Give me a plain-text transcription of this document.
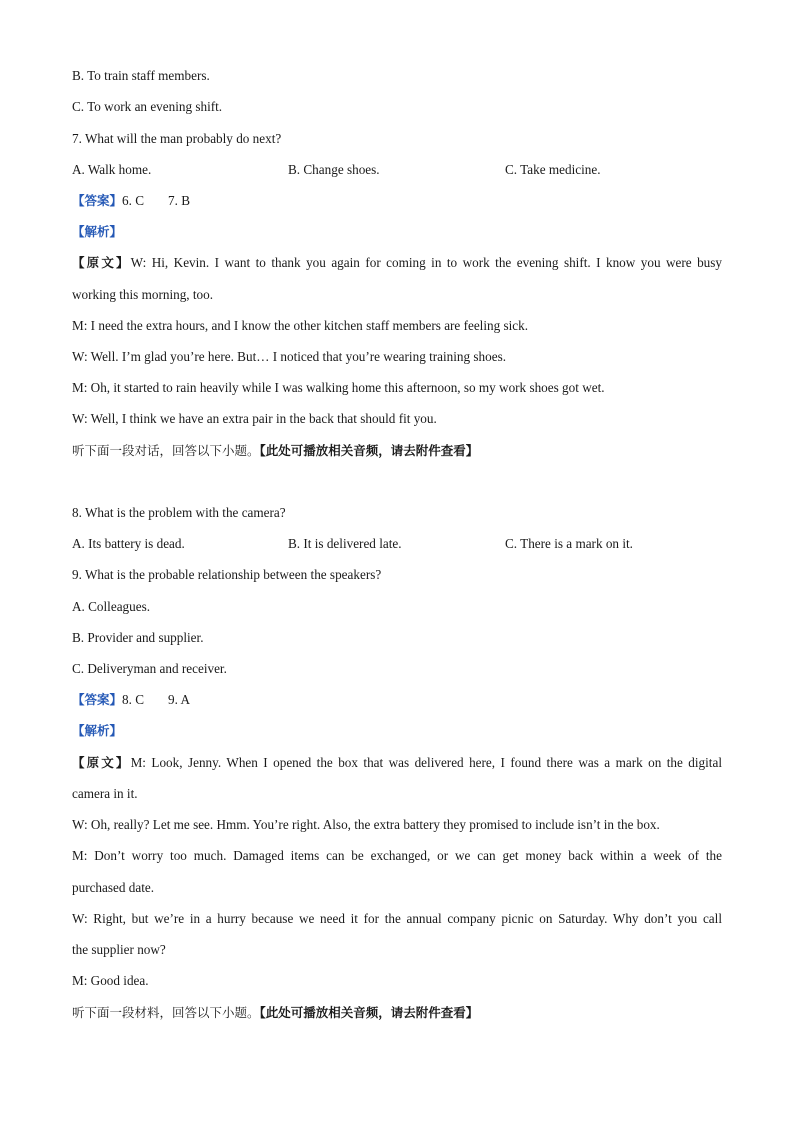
B. To train staff members.
C. To work an evening shift.
7. What will the man probably do next?
A. Walk home.	B. Change shoes.	C. Take medicine.
【答案】6. C 7. B
【解析】
【原文】W: Hi, Kevin. I want to thank you again for coming in to work the evening shift. I know you were busy
working this morning, too.
M: I need the extra hours, and I know the other kitchen staff members are feeling sick.
W: Well. I’m glad you’re here. But… I noticed that you’re wearing training shoes.
M: Oh, it started to rain heavily while I was walking home this afternoon, so my work shoes got wet.
W: Well, I think we have an extra pair in the back that should fit you.
听下面一段对话，回答以下小题。【此处可播放相关音频，请去附件查看】
8. What is the problem with the camera?
A. Its battery is dead.	B. It is delivered late.	C. There is a mark on it.
9. What is the probable relationship between the speakers?
A. Colleagues.
B. Provider and supplier.
C. Deliveryman and receiver.
【答案】8. C 9. A
【解析】
【原文】M: Look, Jenny. When I opened the box that was delivered here, I found there was a mark on the digital
camera in it.
W: Oh, really? Let me see. Hmm. You’re right. Also, the extra battery they promised to include isn’t in the box.
M: Don’t worry too much. Damaged items can be exchanged, or we can get money back within a week of the
purchased date.
W: Right, but we’re in a hurry because we need it for the annual company picnic on Saturday. Why don’t you call
the supplier now?
M: Good idea.
听下面一段材料，回答以下小题。【此处可播放相关音频，请去附件查看】
